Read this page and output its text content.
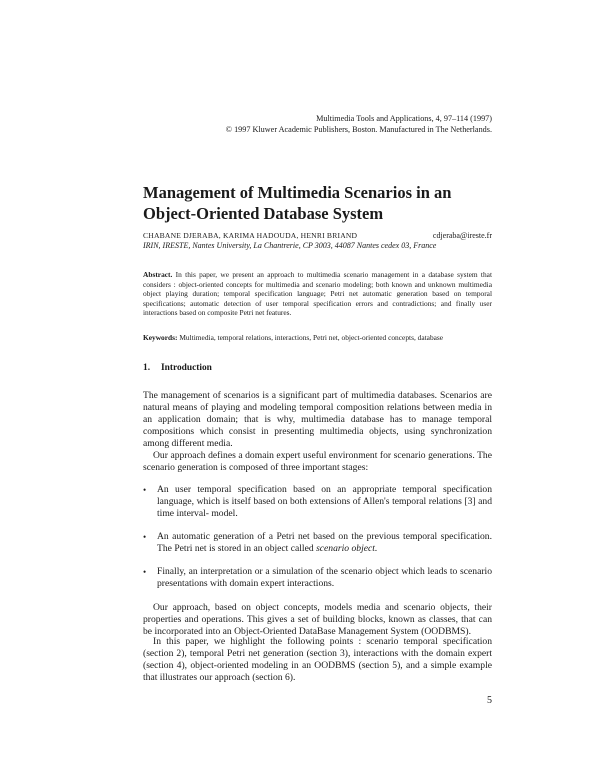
Multimedia Tools and Applications, 4, 97–114 (1997)
© 1997 Kluwer Academic Publishers, Boston. Manufactured in The Netherlands.
Management of Multimedia Scenarios in an Object-Oriented Database System
CHABANE DJERABA, KARIMA HADOUDA, HENRI BRIAND	cdjeraba@ireste.fr
IRIN, IRESTE, Nantes University, La Chantrerie, CP 3003, 44087 Nantes cedex 03, France
Abstract. In this paper, we present an approach to multimedia scenario management in a database system that considers : object-oriented concepts for multimedia and scenario modeling; both known and unknown multimedia object playing duration; temporal specification language; Petri net automatic generation based on temporal specifications; automatic detection of user temporal specification errors and contradictions; and finally user interactions based on composite Petri net features.
Keywords: Multimedia, temporal relations, interactions, Petri net, object-oriented concepts, database
1. Introduction
The management of scenarios is a significant part of multimedia databases. Scenarios are natural means of playing and modeling temporal composition relations between media in an application domain; that is why, multimedia database has to manage temporal compositions which consist in presenting multimedia objects, using synchronization among different media.
Our approach defines a domain expert useful environment for scenario generations. The scenario generation is composed of three important stages:
• An user temporal specification based on an appropriate temporal specification language, which is itself based on both extensions of Allen's temporal relations [3] and time interval- model.
• An automatic generation of a Petri net based on the previous temporal specification. The Petri net is stored in an object called scenario object.
• Finally, an interpretation or a simulation of the scenario object which leads to scenario presentations with domain expert interactions.
Our approach, based on object concepts, models media and scenario objects, their properties and operations. This gives a set of building blocks, known as classes, that can be incorporated into an Object-Oriented DataBase Management System (OODBMS).
In this paper, we highlight the following points : scenario temporal specification (section 2), temporal Petri net generation (section 3), interactions with the domain expert (section 4), object-oriented modeling in an OODBMS (section 5), and a simple example that illustrates our approach (section 6).
5
